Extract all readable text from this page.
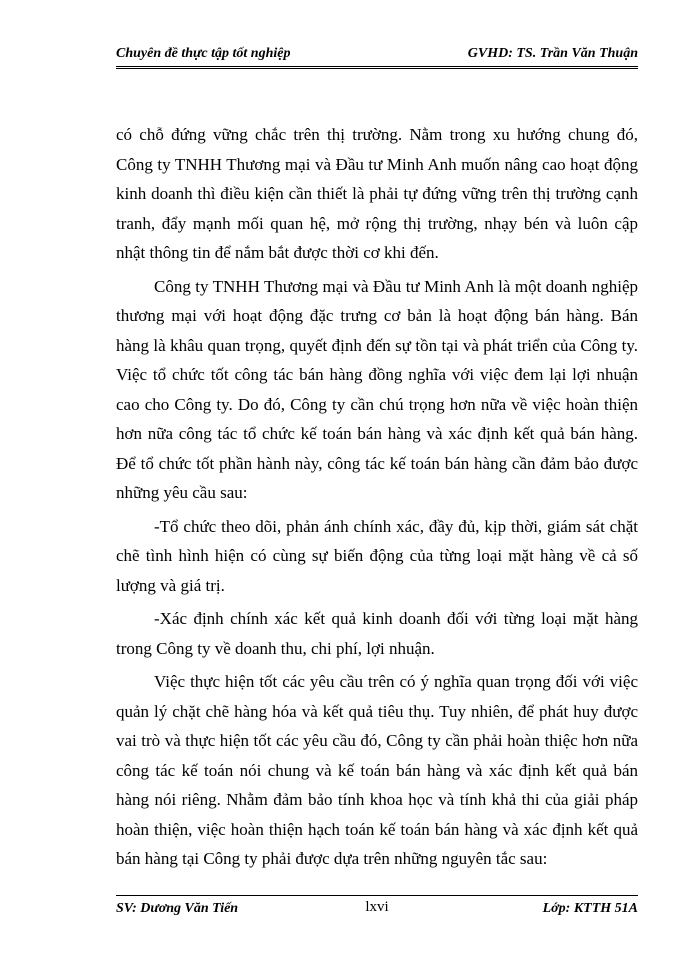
Chuyên đề thực tập tốt nghiệp	GVHD: TS. Trần Văn Thuận

có chỗ đứng vững chắc trên thị trường. Nằm trong xu hướng chung đó, Công ty TNHH Thương mại và Đầu tư Minh Anh muốn nâng cao hoạt động kinh doanh thì điều kiện cần thiết là phải tự đứng vững trên thị trường cạnh tranh, đẩy mạnh mối quan hệ, mở rộng thị trường, nhạy bén và luôn cập nhật thông tin để nắm bắt được thời cơ khi đến.

Công ty TNHH Thương mại và Đầu tư Minh Anh là một doanh nghiệp thương mại với hoạt động đặc trưng cơ bản là hoạt động bán hàng. Bán hàng là khâu quan trọng, quyết định đến sự tồn tại và phát triển của Công ty. Việc tổ chức tốt công tác bán hàng đồng nghĩa với việc đem lại lợi nhuận cao cho Công ty. Do đó, Công ty cần chú trọng hơn nữa về việc hoàn thiện hơn nữa công tác tổ chức kế toán bán hàng và xác định kết quả bán hàng. Để tổ chức tốt phần hành này, công tác kế toán bán hàng cần đảm bảo được những yêu cầu sau:

-Tổ chức theo dõi, phản ánh chính xác, đầy đủ, kịp thời, giám sát chặt chẽ tình hình hiện có cùng sự biến động của từng loại mặt hàng về cả số lượng và giá trị.

-Xác định chính xác kết quả kinh doanh đối với từng loại mặt hàng trong Công ty về doanh thu, chi phí, lợi nhuận.

Việc thực hiện tốt các yêu cầu trên có ý nghĩa quan trọng đối với việc quản lý chặt chẽ hàng hóa và kết quả tiêu thụ. Tuy nhiên, để phát huy được vai trò và thực hiện tốt các yêu cầu đó, Công ty cần phải hoàn thiệc hơn nữa công tác kế toán nói chung và kế toán bán hàng và xác định kết quả bán hàng nói riêng. Nhằm đảm bảo tính khoa học và tính khả thi của giải pháp hoàn thiện, việc hoàn thiện hạch toán kế toán bán hàng và xác định kết quả bán hàng tại Công ty phải được dựa trên những nguyên tắc sau:

SV: Dương Văn Tiến	lxvi	Lớp: KTTH 51A
